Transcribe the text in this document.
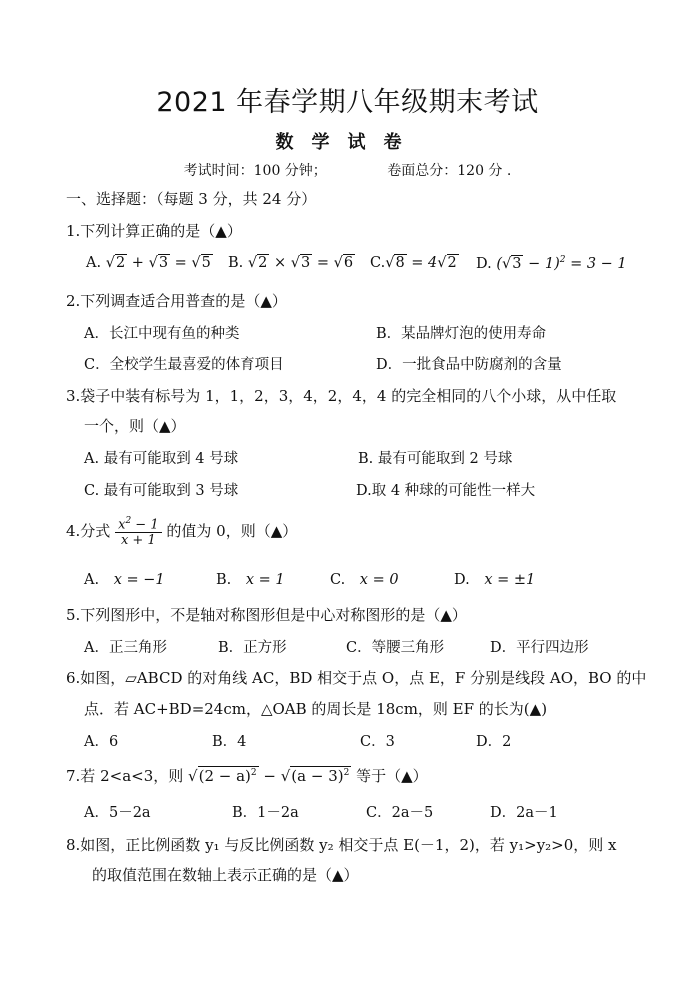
2021 年春学期八年级期末考试
数学试卷
考试时间：100 分钟；	卷面总分：120 分 .
一、选择题：（每题 3 分，共 24 分）
1.下列计算正确的是（▲）
A. √2 + √3 = √5 B. √2 × √3 = √6 C.√8 = 4√2 D. $(√3 - 1)^2 = 3 - 1$
2.下列调查适合用普查的是（▲）
A．长江中现有鱼的种类	B．某品牌灯泡的使用寿命
C．全校学生最喜爱的体育项目	D．一批食品中防腐剂的含量
3.袋子中装有标号为 1，1，2，3，4，2，4，4 的完全相同的八个小球，从中任取
一个，则（▲）
A. 最有可能取到 4 号球	B. 最有可能取到 2 号球
C. 最有可能取到 3 号球	D.取 4 种球的可能性一样大
4.分式 $\frac{x^2 - 1}{x + 1}$ 的值为 0，则（▲）
A. x = −1	B. x = 1	C. x = 0	D. x = ±1
5.下列图形中，不是轴对称图形但是中心对称图形的是（▲）
A．正三角形	B．正方形	C．等腰三角形	D．平行四边形
6.如图，▱ABCD 的对角线 AC，BD 相交于点 O，点 E，F 分别是线段 AO，BO 的中
点．若 AC+BD=24cm，△OAB 的周长是 18cm，则 EF 的长为(▲)
A．6	B．4	C．3	D．2
7.若 2<a<3，则 $√(2 - a)^2 - √(a - 3)^2$ 等于（▲）
A．5－2a	B．1－2a	C．2a－5	D．2a－1
8.如图，正比例函数 y₁ 与反比例函数 y₂ 相交于点 E(－1，2)，若 y₁>y₂>0，则 x
的取值范围在数轴上表示正确的是（▲）
